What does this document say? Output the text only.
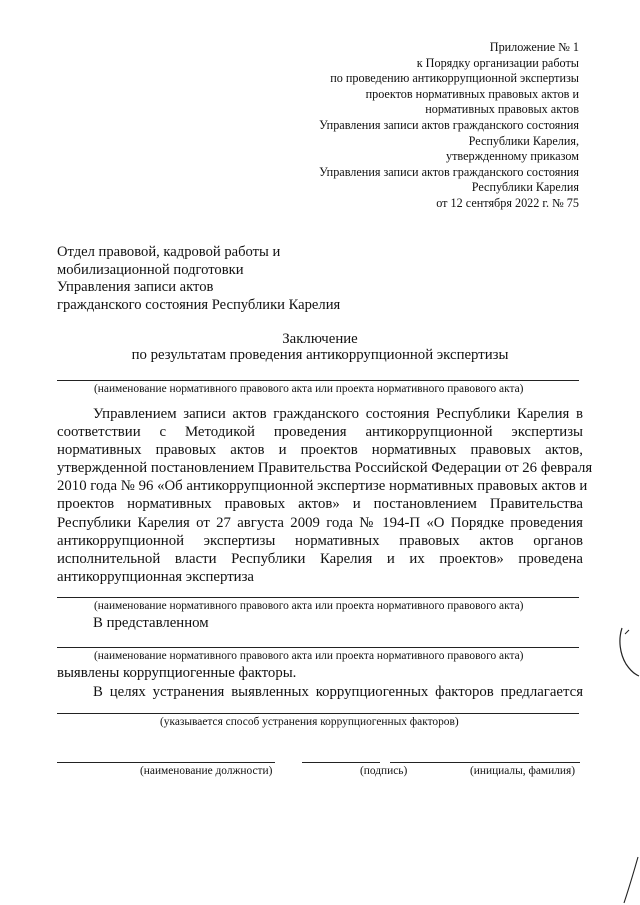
Приложение № 1
к Порядку организации работы
по проведению антикоррупционной экспертизы
проектов нормативных правовых актов и
нормативных правовых актов
Управления записи актов гражданского состояния
Республики Карелия,
утвержденному приказом
Управления записи актов гражданского состояния
Республики Карелия
от 12 сентября 2022 г. № 75
Отдел правовой, кадровой работы и
мобилизационной подготовки
Управления записи актов
гражданского состояния Республики Карелия
Заключение
по результатам проведения антикоррупционной экспертизы
(наименование нормативного правового акта или проекта нормативного правового акта)
Управлением записи актов гражданского состояния Республики Карелия в
соответствии с Методикой проведения антикоррупционной экспертизы
нормативных правовых актов и проектов нормативных правовых актов,
утвержденной постановлением Правительства Российской Федерации от 26 февраля
2010 года № 96 «Об антикоррупционной экспертизе нормативных правовых актов и
проектов нормативных правовых актов» и постановлением Правительства
Республики Карелия от 27 августа 2009 года № 194-П «О Порядке проведения
антикоррупционной экспертизы нормативных правовых актов органов
исполнительной власти Республики Карелия и их проектов» проведена
антикоррупционная экспертиза
(наименование нормативного правового акта или проекта нормативного правового акта)
В представленном
(наименование нормативного правового акта или проекта нормативного правового акта)
выявлены коррупциогенные факторы.
В целях устранения выявленных коррупциогенных факторов предлагается
(указывается способ устранения коррупциогенных факторов)
(наименование должности)	(подпись)	(инициалы, фамилия)
